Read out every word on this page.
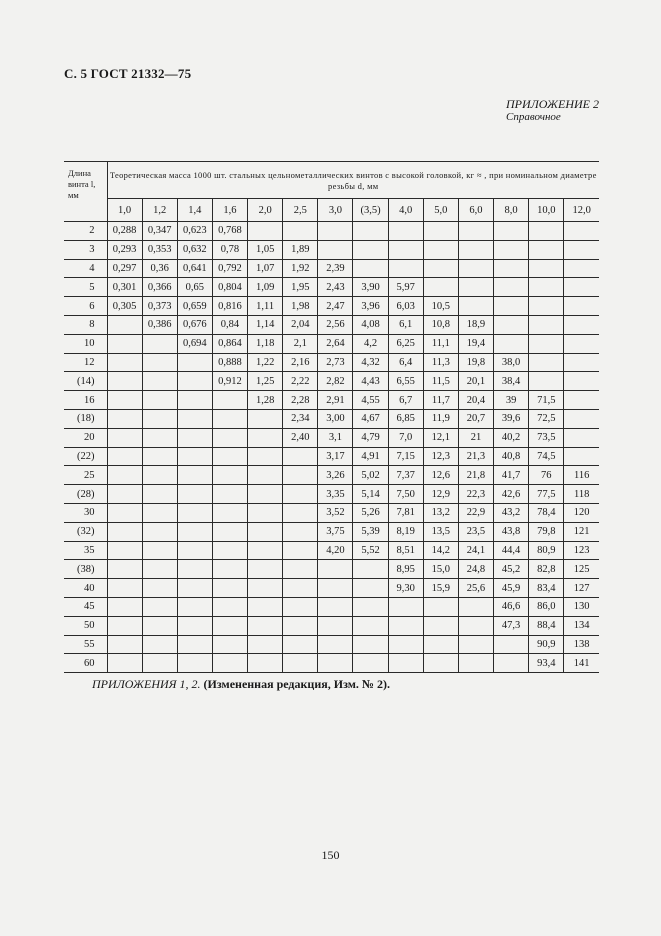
С. 5 ГОСТ 21332—75
ПРИЛОЖЕНИЕ 2
Справочное
Длина винта l, мм	Теоретическая масса 1000 шт. стальных цельнометаллических винтов с высокой головкой, кг ≈ , при номинальном диаметре резьбы d, мм													
	1,0	1,2	1,4	1,6	2,0	2,5	3,0	(3,5)	4,0	5,0	6,0	8,0	10,0	12,0
2	0,288	0,347	0,623	0,768										
3	0,293	0,353	0,632	0,78	1,05	1,89								
4	0,297	0,36	0,641	0,792	1,07	1,92	2,39							
5	0,301	0,366	0,65	0,804	1,09	1,95	2,43	3,90	5,97					
6	0,305	0,373	0,659	0,816	1,11	1,98	2,47	3,96	6,03	10,5				
8		0,386	0,676	0,84	1,14	2,04	2,56	4,08	6,1	10,8	18,9			
10			0,694	0,864	1,18	2,1	2,64	4,2	6,25	11,1	19,4			
12				0,888	1,22	2,16	2,73	4,32	6,4	11,3	19,8	38,0		
(14)				0,912	1,25	2,22	2,82	4,43	6,55	11,5	20,1	38,4		
16					1,28	2,28	2,91	4,55	6,7	11,7	20,4	39	71,5	
(18)						2,34	3,00	4,67	6,85	11,9	20,7	39,6	72,5	
20						2,40	3,1	4,79	7,0	12,1	21	40,2	73,5	
(22)							3,17	4,91	7,15	12,3	21,3	40,8	74,5	
25							3,26	5,02	7,37	12,6	21,8	41,7	76	116
(28)							3,35	5,14	7,50	12,9	22,3	42,6	77,5	118
30							3,52	5,26	7,81	13,2	22,9	43,2	78,4	120
(32)							3,75	5,39	8,19	13,5	23,5	43,8	79,8	121
35							4,20	5,52	8,51	14,2	24,1	44,4	80,9	123
(38)									8,95	15,0	24,8	45,2	82,8	125
40									9,30	15,9	25,6	45,9	83,4	127
45												46,6	86,0	130
50												47,3	88,4	134
55													90,9	138
60													93,4	141
ПРИЛОЖЕНИЯ 1, 2. (Измененная редакция, Изм. № 2).
150
